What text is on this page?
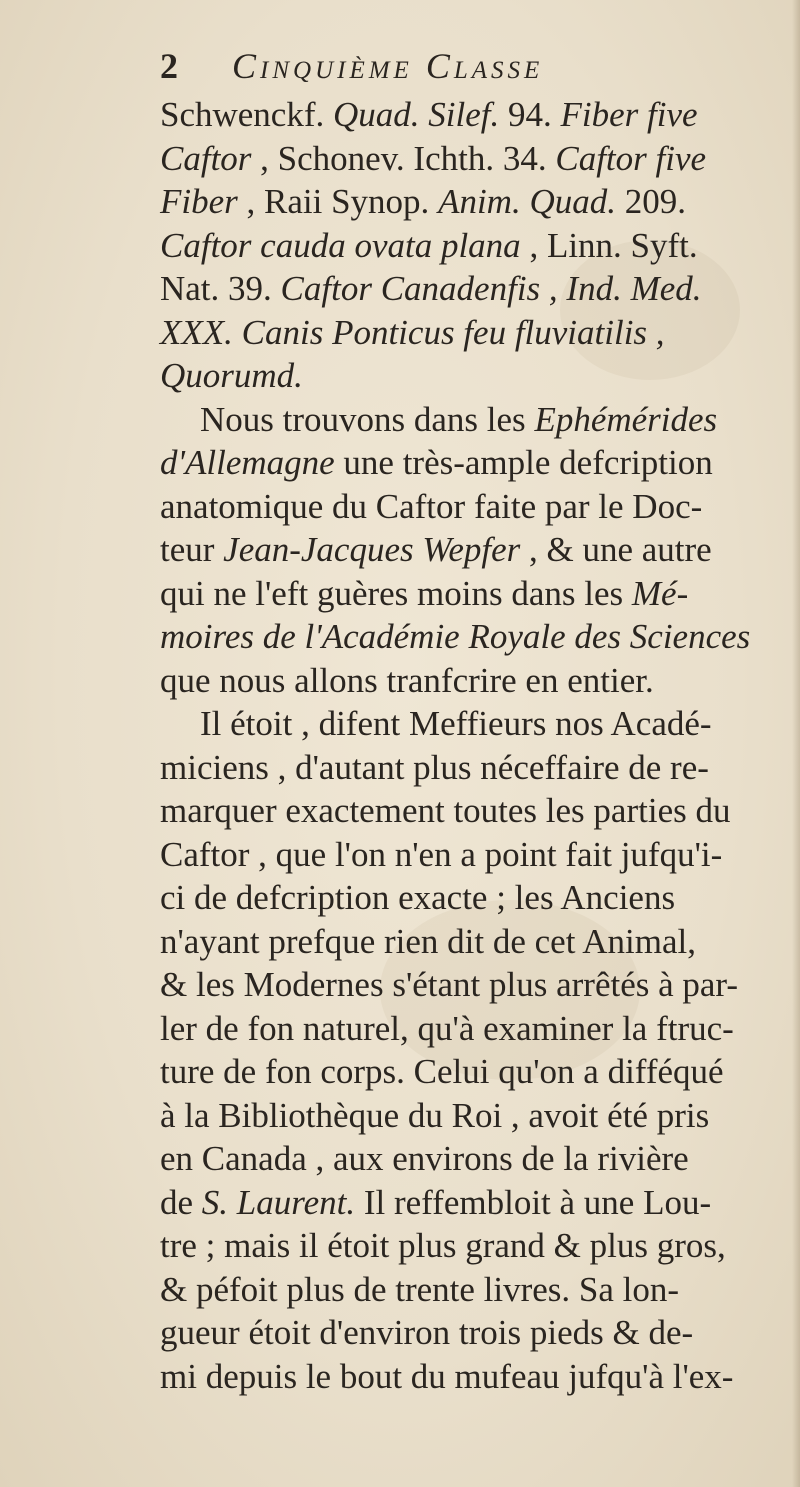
2 Cinquième Classe
Schwenckf. Quad. Silef. 94. Fiber five
Caftor , Schonev. Ichth. 34. Caftor five
Fiber , Raii Synop. Anim. Quad. 209.
Caftor cauda ovata plana , Linn. Syft.
Nat. 39. Caftor Canadenfis , Ind. Med.
XXX. Canis Ponticus feu fluviatilis ,
Quorumd.
Nous trouvons dans les Ephémérides
d'Allemagne une très-ample defcription
anatomique du Caftor faite par le Doc-
teur Jean-Jacques Wepfer , & une autre
qui ne l'eft guères moins dans les Mé-
moires de l'Académie Royale des Sciences
que nous allons tranfcrire en entier.
Il étoit , difent Meffieurs nos Acadé-
miciens , d'autant plus néceffaire de re-
marquer exactement toutes les parties du
Caftor , que l'on n'en a point fait jufqu'i-
ci de defcription exacte ; les Anciens
n'ayant prefque rien dit de cet Animal,
& les Modernes s'étant plus arrêtés à par-
ler de fon naturel, qu'à examiner la ftruc-
ture de fon corps. Celui qu'on a difféqué
à la Bibliothèque du Roi , avoit été pris
en Canada , aux environs de la rivière
de S. Laurent. Il reffembloit à une Lou-
tre ; mais il étoit plus grand & plus gros,
& péfoit plus de trente livres. Sa lon-
gueur étoit d'environ trois pieds & de-
mi depuis le bout du mufeau jufqu'à l'ex-
